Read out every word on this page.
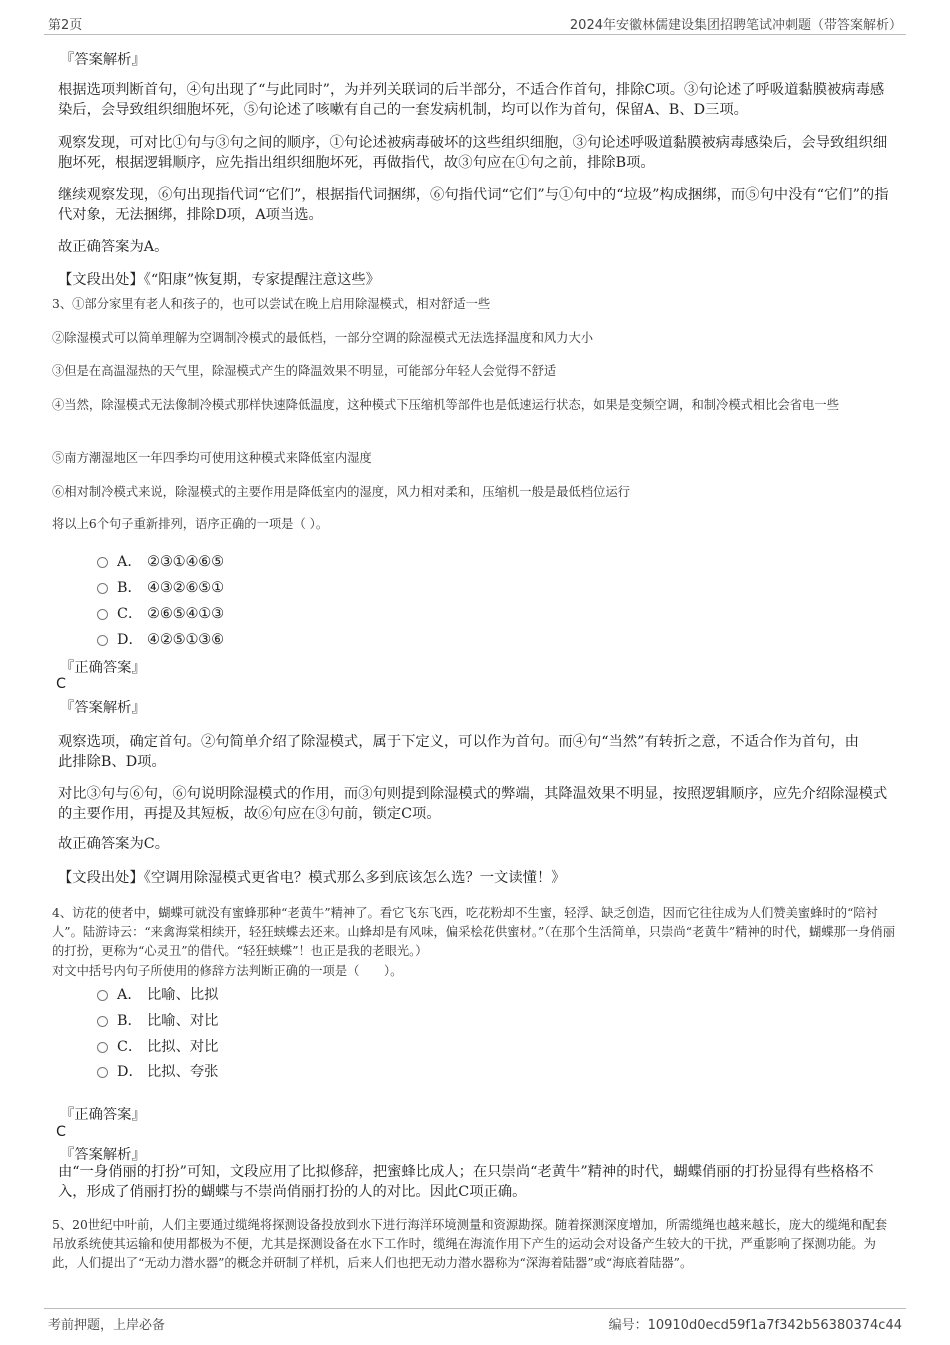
第2页	2024年安徽林儒建设集团招聘笔试冲刺题（带答案解析）
『答案解析』
根据选项判断首句，④句出现了“与此同时”，为并列关联词的后半部分，不适合作首句，排除C项。③句论述了呼吸道黏膜被病毒感染后，会导致组织细胞坏死，⑤句论述了咳嗽有自己的一套发病机制，均可以作为首句，保留A、B、D三项。
观察发现，可对比①句与③句之间的顺序，①句论述被病毒破坏的这些组织细胞，③句论述呼吸道黏膜被病毒感染后，会导致组织细胞坏死，根据逻辑顺序，应先指出组织细胞坏死，再做指代，故③句应在①句之前，排除B项。
继续观察发现，⑥句出现指代词“它们”，根据指代词捆绑，⑥句指代词“它们”与①句中的“垃圾”构成捆绑，而⑤句中没有“它们”的指代对象，无法捆绑，排除D项，A项当选。
故正确答案为A。
【文段出处】《“阳康”恢复期，专家提醒注意这些》
3、①部分家里有老人和孩子的，也可以尝试在晚上启用除湿模式，相对舒适一些
②除湿模式可以简单理解为空调制冷模式的最低档，一部分空调的除湿模式无法选择温度和风力大小
③但是在高温湿热的天气里，除湿模式产生的降温效果不明显，可能部分年轻人会觉得不舒适
④当然，除湿模式无法像制冷模式那样快速降低温度，这种模式下压缩机等部件也是低速运行状态，如果是变频空调，和制冷模式相比会省电一些
⑤南方潮湿地区一年四季均可使用这种模式来降低室内湿度
⑥相对制冷模式来说，除湿模式的主要作用是降低室内的湿度，风力相对柔和，压缩机一般是最低档位运行
将以上6个句子重新排列，语序正确的一项是（ ）。
A． ②③①④⑥⑤
B． ④③②⑥⑤①
C． ②⑥⑤④①③
D． ④②⑤①③⑥
『正确答案』
C
『答案解析』
观察选项，确定首句。②句简单介绍了除湿模式，属于下定义，可以作为首句。而④句“当然”有转折之意，不适合作为首句，由此排除B、D项。
对比③句与⑥句，⑥句说明除湿模式的作用，而③句则提到除湿模式的弊端，其降温效果不明显，按照逻辑顺序，应先介绍除湿模式的主要作用，再提及其短板，故⑥句应在③句前，锁定C项。
故正确答案为C。
【文段出处】《空调用除湿模式更省电？模式那么多到底该怎么选？一文读懂！》
4、访花的使者中，蝴蝶可就没有蜜蜂那种“老黄牛”精神了。看它飞东飞西，吃花粉却不生蜜，轻浮、缺乏创造，因而它往往成为人们赞美蜜蜂时的“陪衬人”。陆游诗云：“来禽海棠相续开，轻狂蛱蝶去还来。山蜂却是有风味，偏采桧花供蜜材。”（在那个生活简单，只崇尚“老黄牛”精神的时代，蝴蝶那一身俏丽的打扮，更称为“心灵丑”的借代。“轻狂蛱蝶”！也正是我的老眼光。）
对文中括号内句子所使用的修辞方法判断正确的一项是（　　）。
A． 比喻、比拟
B． 比喻、对比
C． 比拟、对比
D． 比拟、夸张
『正确答案』
C
『答案解析』
由“一身俏丽的打扮”可知，文段应用了比拟修辞，把蜜蜂比成人；在只崇尚“老黄牛”精神的时代，蝴蝶俏丽的打扮显得有些格格不入，形成了俏丽打扮的蝴蝶与不崇尚俏丽打扮的人的对比。因此C项正确。
5、20世纪中叶前，人们主要通过缆绳将探测设备投放到水下进行海洋环境测量和资源勘探。随着探测深度增加，所需缆绳也越来越长，庞大的缆绳和配套吊放系统使其运输和使用都极为不便，尤其是探测设备在水下工作时，缆绳在海流作用下产生的运动会对设备产生较大的干扰，严重影响了探测功能。为此，人们提出了“无动力潜水器”的概念并研制了样机，后来人们也把无动力潜水器称为“深海着陆器”或“海底着陆器”。
考前押题，上岸必备	编号：10910d0ecd59f1a7f342b56380374c44
